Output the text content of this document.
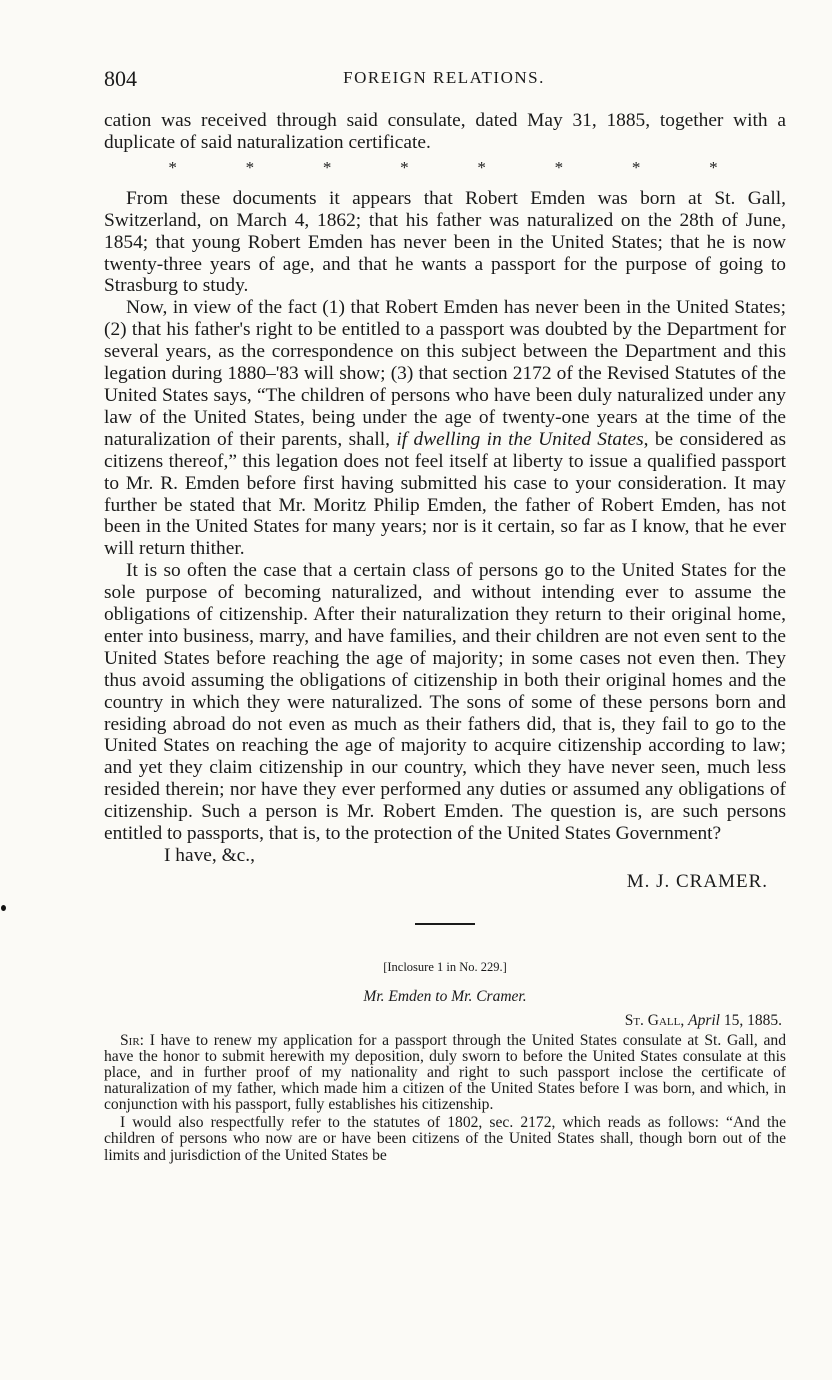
804	FOREIGN RELATIONS.

cation was received through said consulate, dated May 31, 1885, together with a duplicate of said naturalization certificate.

*	*	*	*	*	*	*	*

From these documents it appears that Robert Emden was born at St. Gall, Switzerland, on March 4, 1862; that his father was naturalized on the 28th of June, 1854; that young Robert Emden has never been in the United States; that he is now twenty-three years of age, and that he wants a passport for the purpose of going to Strasburg to study.

Now, in view of the fact (1) that Robert Emden has never been in the United States; (2) that his father's right to be entitled to a passport was doubted by the Department for several years, as the correspondence on this subject between the Department and this legation during 1880–'83 will show; (3) that section 2172 of the Revised Statutes of the United States says, “The children of persons who have been duly naturalized under any law of the United States, being under the age of twenty-one years at the time of the naturalization of their parents, shall, if dwelling in the United States, be considered as citizens thereof,” this legation does not feel itself at liberty to issue a qualified passport to Mr. R. Emden before first having submitted his case to your consideration. It may further be stated that Mr. Moritz Philip Emden, the father of Robert Emden, has not been in the United States for many years; nor is it certain, so far as I know, that he ever will return thither.

It is so often the case that a certain class of persons go to the United States for the sole purpose of becoming naturalized, and without intending ever to assume the obligations of citizenship. After their naturalization they return to their original home, enter into business, marry, and have families, and their children are not even sent to the United States before reaching the age of majority; in some cases not even then. They thus avoid assuming the obligations of citizenship in both their original homes and the country in which they were naturalized. The sons of some of these persons born and residing abroad do not even as much as their fathers did, that is, they fail to go to the United States on reaching the age of majority to acquire citizenship according to law; and yet they claim citizenship in our country, which they have never seen, much less resided therein; nor have they ever performed any duties or assumed any obligations of citizenship. Such a person is Mr. Robert Emden. The question is, are such persons entitled to passports, that is, to the protection of the United States Government?

I have, &c.,

M. J. CRAMER.
[Inclosure 1 in No. 229.]
Mr. Emden to Mr. Cramer.
St. Gall, April 15, 1885.

Sir: I have to renew my application for a passport through the United States consulate at St. Gall, and have the honor to submit herewith my deposition, duly sworn to before the United States consulate at this place, and in further proof of my nationality and right to such passport inclose the certificate of naturalization of my father, which made him a citizen of the United States before I was born, and which, in conjunction with his passport, fully establishes his citizenship.

I would also respectfully refer to the statutes of 1802, sec. 2172, which reads as follows: “And the children of persons who now are or have been citizens of the United States shall, though born out of the limits and jurisdiction of the United States be
